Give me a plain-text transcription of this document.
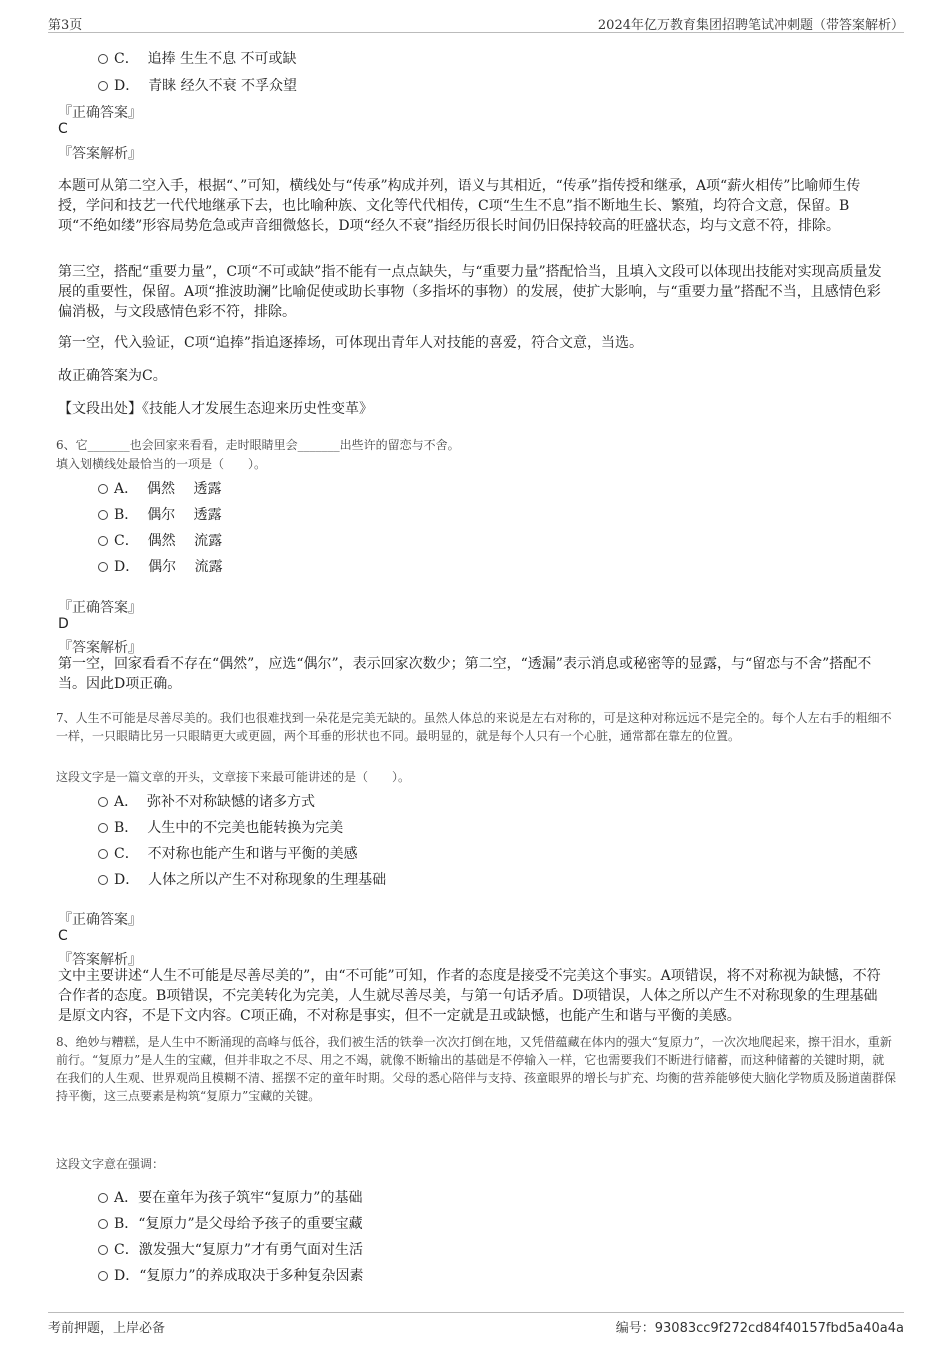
第3页	2024年亿万教育集团招聘笔试冲刺题（带答案解析）
C． 追捧 生生不息 不可或缺
D． 青睐 经久不衰 不孚众望
『正确答案』
C
『答案解析』
本题可从第二空入手，根据“、”可知，横线处与“传承”构成并列，语义与其相近，“传承”指传授和继承，A项“薪火相传”比喻师生传授，学问和技艺一代代地继承下去，也比喻种族、文化等代代相传，C项“生生不息”指不断地生长、繁殖，均符合文意，保留。B项“不绝如缕”形容局势危急或声音细微悠长，D项“经久不衰”指经历很长时间仍旧保持较高的旺盛状态，均与文意不符，排除。
第三空，搭配“重要力量”，C项“不可或缺”指不能有一点点缺失，与“重要力量”搭配恰当，且填入文段可以体现出技能对实现高质量发展的重要性，保留。A项“推波助澜”比喻促使或助长事物（多指坏的事物）的发展，使扩大影响，与“重要力量”搭配不当，且感情色彩偏消极，与文段感情色彩不符，排除。
第一空，代入验证，C项“追捧”指追逐捧场，可体现出青年人对技能的喜爱，符合文意，当选。
故正确答案为C。
【文段出处】《技能人才发展生态迎来历史性变革》
6、它_______也会回家来看看，走时眼睛里会_______出些许的留恋与不舍。
填入划横线处最恰当的一项是（　　）。
A． 偶然　 透露
B． 偶尔　 透露
C． 偶然　 流露
D． 偶尔　 流露
『正确答案』
D
『答案解析』
第一空，回家看看不存在“偶然”，应选“偶尔”，表示回家次数少；第二空，“透漏”表示消息或秘密等的显露，与“留恋与不舍”搭配不当。因此D项正确。
7、人生不可能是尽善尽美的。我们也很难找到一朵花是完美无缺的。虽然人体总的来说是左右对称的，可是这种对称远远不是完全的。每个人左右手的粗细不一样，一只眼睛比另一只眼睛更大或更圆，两个耳垂的形状也不同。最明显的，就是每个人只有一个心脏，通常都在靠左的位置。
这段文字是一篇文章的开头，文章接下来最可能讲述的是（　　）。
A． 弥补不对称缺憾的诸多方式
B． 人生中的不完美也能转换为完美
C． 不对称也能产生和谐与平衡的美感
D． 人体之所以产生不对称现象的生理基础
『正确答案』
C
『答案解析』
文中主要讲述“人生不可能是尽善尽美的”，由“不可能”可知，作者的态度是接受不完美这个事实。A项错误，将不对称视为缺憾，不符合作者的态度。B项错误，不完美转化为完美，人生就尽善尽美，与第一句话矛盾。D项错误，人体之所以产生不对称现象的生理基础是原文内容，不是下文内容。C项正确，不对称是事实，但不一定就是丑或缺憾，也能产生和谐与平衡的美感。
8、绝妙与糟糕，是人生中不断涌现的高峰与低谷，我们被生活的铁拳一次次打倒在地，又凭借蕴藏在体内的强大“复原力”，一次次地爬起来，擦干泪水，重新前行。“复原力”是人生的宝藏，但并非取之不尽、用之不竭，就像不断输出的基础是不停输入一样，它也需要我们不断进行储蓄，而这种储蓄的关键时期，就在我们的人生观、世界观尚且模糊不清、摇摆不定的童年时期。父母的悉心陪伴与支持、孩童眼界的增长与扩充、均衡的营养能够使大脑化学物质及肠道菌群保持平衡，这三点要素是构筑“复原力”宝藏的关键。
这段文字意在强调：
A．要在童年为孩子筑牢“复原力”的基础
B．“复原力”是父母给予孩子的重要宝藏
C．激发强大“复原力”才有勇气面对生活
D．“复原力”的养成取决于多种复杂因素
考前押题，上岸必备	编号：93083cc9f272cd84f40157fbd5a40a4a
